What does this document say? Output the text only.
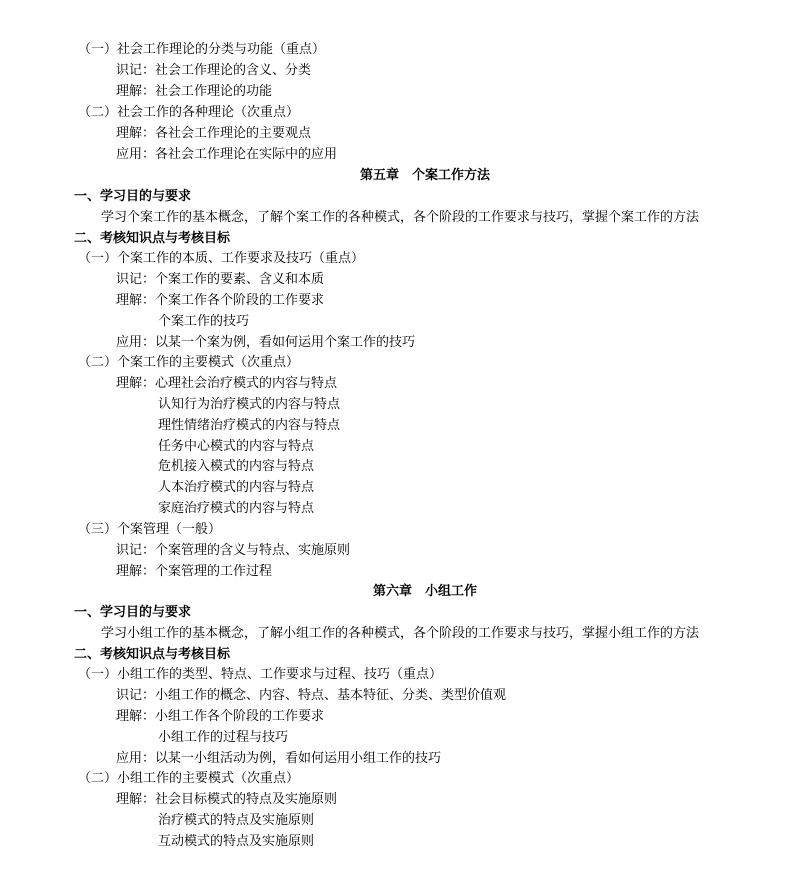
（一）社会工作理论的分类与功能（重点）
识记：社会工作理论的含义、分类
理解：社会工作理论的功能
（二）社会工作的各种理论（次重点）
理解：各社会工作理论的主要观点
应用：各社会工作理论在实际中的应用
第五章　个案工作方法
一、学习目的与要求
学习个案工作的基本概念，了解个案工作的各种模式，各个阶段的工作要求与技巧，掌握个案工作的方法
二、考核知识点与考核目标
（一）个案工作的本质、工作要求及技巧（重点）
识记：个案工作的要素、含义和本质
理解：个案工作各个阶段的工作要求
个案工作的技巧
应用：以某一个案为例，看如何运用个案工作的技巧
（二）个案工作的主要模式（次重点）
理解：心理社会治疗模式的内容与特点
认知行为治疗模式的内容与特点
理性情绪治疗模式的内容与特点
任务中心模式的内容与特点
危机接入模式的内容与特点
人本治疗模式的内容与特点
家庭治疗模式的内容与特点
（三）个案管理（一般）
识记：个案管理的含义与特点、实施原则
理解：个案管理的工作过程
第六章　小组工作
一、学习目的与要求
学习小组工作的基本概念，了解小组工作的各种模式，各个阶段的工作要求与技巧，掌握小组工作的方法
二、考核知识点与考核目标
（一）小组工作的类型、特点、工作要求与过程、技巧（重点）
识记：小组工作的概念、内容、特点、基本特征、分类、类型价值观
理解：小组工作各个阶段的工作要求
小组工作的过程与技巧
应用：以某一小组活动为例，看如何运用小组工作的技巧
（二）小组工作的主要模式（次重点）
理解：社会目标模式的特点及实施原则
治疗模式的特点及实施原则
互动模式的特点及实施原则
